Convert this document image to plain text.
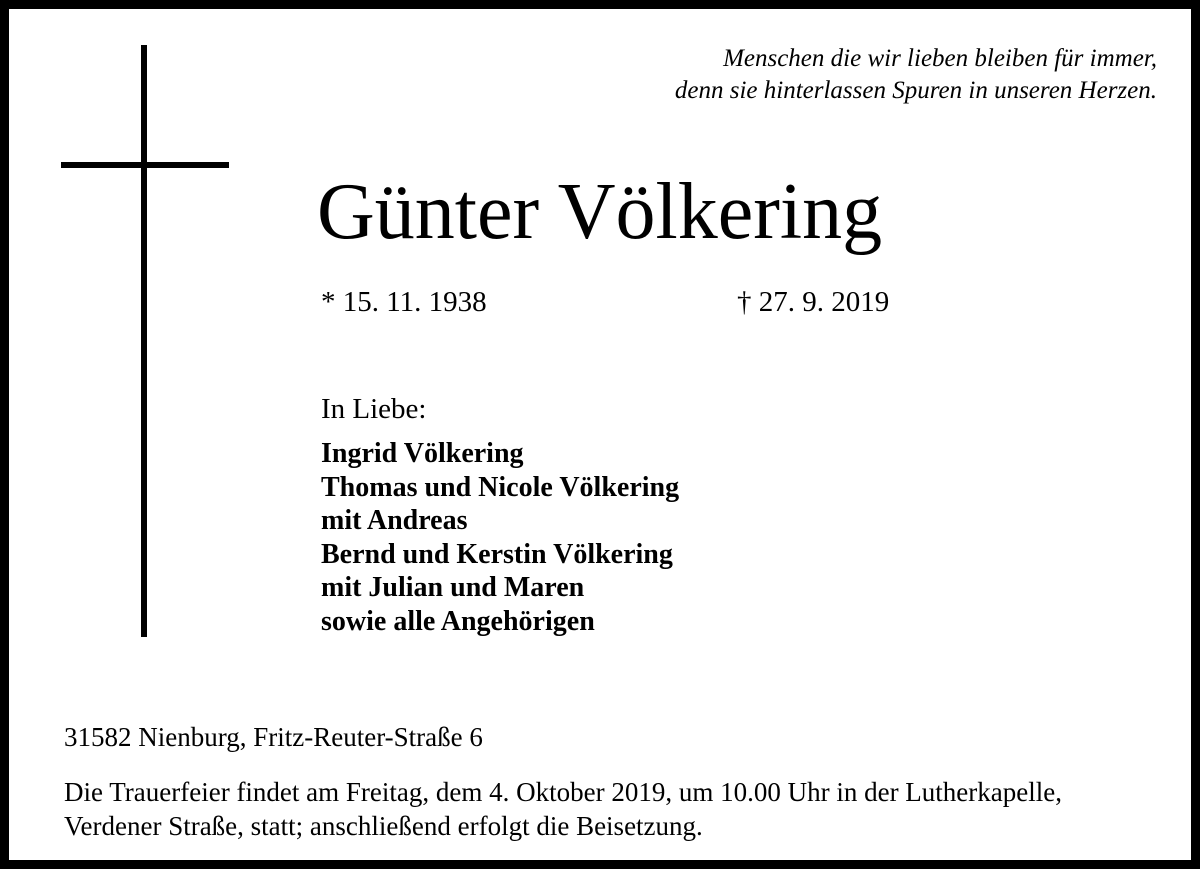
Menschen die wir lieben bleiben für immer,
denn sie hinterlassen Spuren in unseren Herzen.
Günter Völkering
* 15. 11. 1938	† 27. 9. 2019
In Liebe:
Ingrid Völkering
Thomas und Nicole Völkering
mit Andreas
Bernd und Kerstin Völkering
mit Julian und Maren
sowie alle Angehörigen
31582 Nienburg, Fritz-Reuter-Straße 6
Die Trauerfeier findet am Freitag, dem 4. Oktober 2019, um 10.00 Uhr in der Lutherkapelle,
Verdener Straße, statt; anschließend erfolgt die Beisetzung.
